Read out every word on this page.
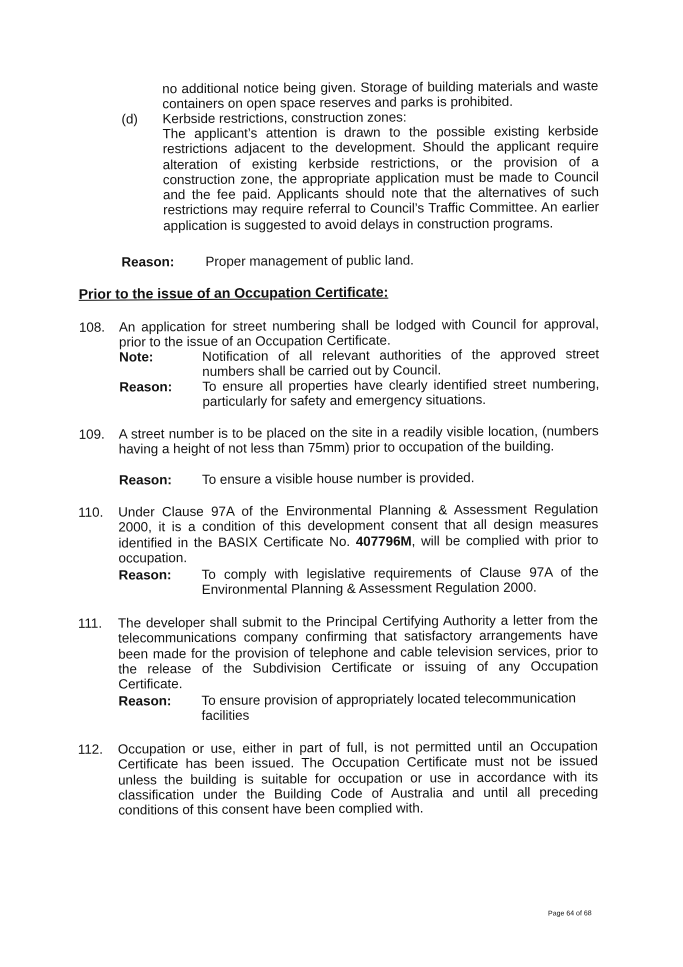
no additional notice being given. Storage of building materials and waste containers on open space reserves and parks is prohibited.
(d) Kerbside restrictions, construction zones:
The applicant’s attention is drawn to the possible existing kerbside restrictions adjacent to the development. Should the applicant require alteration of existing kerbside restrictions, or the provision of a construction zone, the appropriate application must be made to Council and the fee paid. Applicants should note that the alternatives of such restrictions may require referral to Council’s Traffic Committee. An earlier application is suggested to avoid delays in construction programs.
Reason: Proper management of public land.
Prior to the issue of an Occupation Certificate:
108. An application for street numbering shall be lodged with Council for approval, prior to the issue of an Occupation Certificate.
Note:	Notification of all relevant authorities of the approved street numbers shall be carried out by Council.
Reason:	To ensure all properties have clearly identified street numbering, particularly for safety and emergency situations.
109. A street number is to be placed on the site in a readily visible location, (numbers having a height of not less than 75mm) prior to occupation of the building.
Reason:	To ensure a visible house number is provided.
110. Under Clause 97A of the Environmental Planning & Assessment Regulation 2000, it is a condition of this development consent that all design measures identified in the BASIX Certificate No. 407796M, will be complied with prior to occupation.
Reason:	To comply with legislative requirements of Clause 97A of the Environmental Planning & Assessment Regulation 2000.
111. The developer shall submit to the Principal Certifying Authority a letter from the telecommunications company confirming that satisfactory arrangements have been made for the provision of telephone and cable television services, prior to the release of the Subdivision Certificate or issuing of any Occupation Certificate.
Reason:	To ensure provision of appropriately located telecommunication facilities
112. Occupation or use, either in part of full, is not permitted until an Occupation Certificate has been issued. The Occupation Certificate must not be issued unless the building is suitable for occupation or use in accordance with its classification under the Building Code of Australia and until all preceding conditions of this consent have been complied with.
Page 64 of 68
